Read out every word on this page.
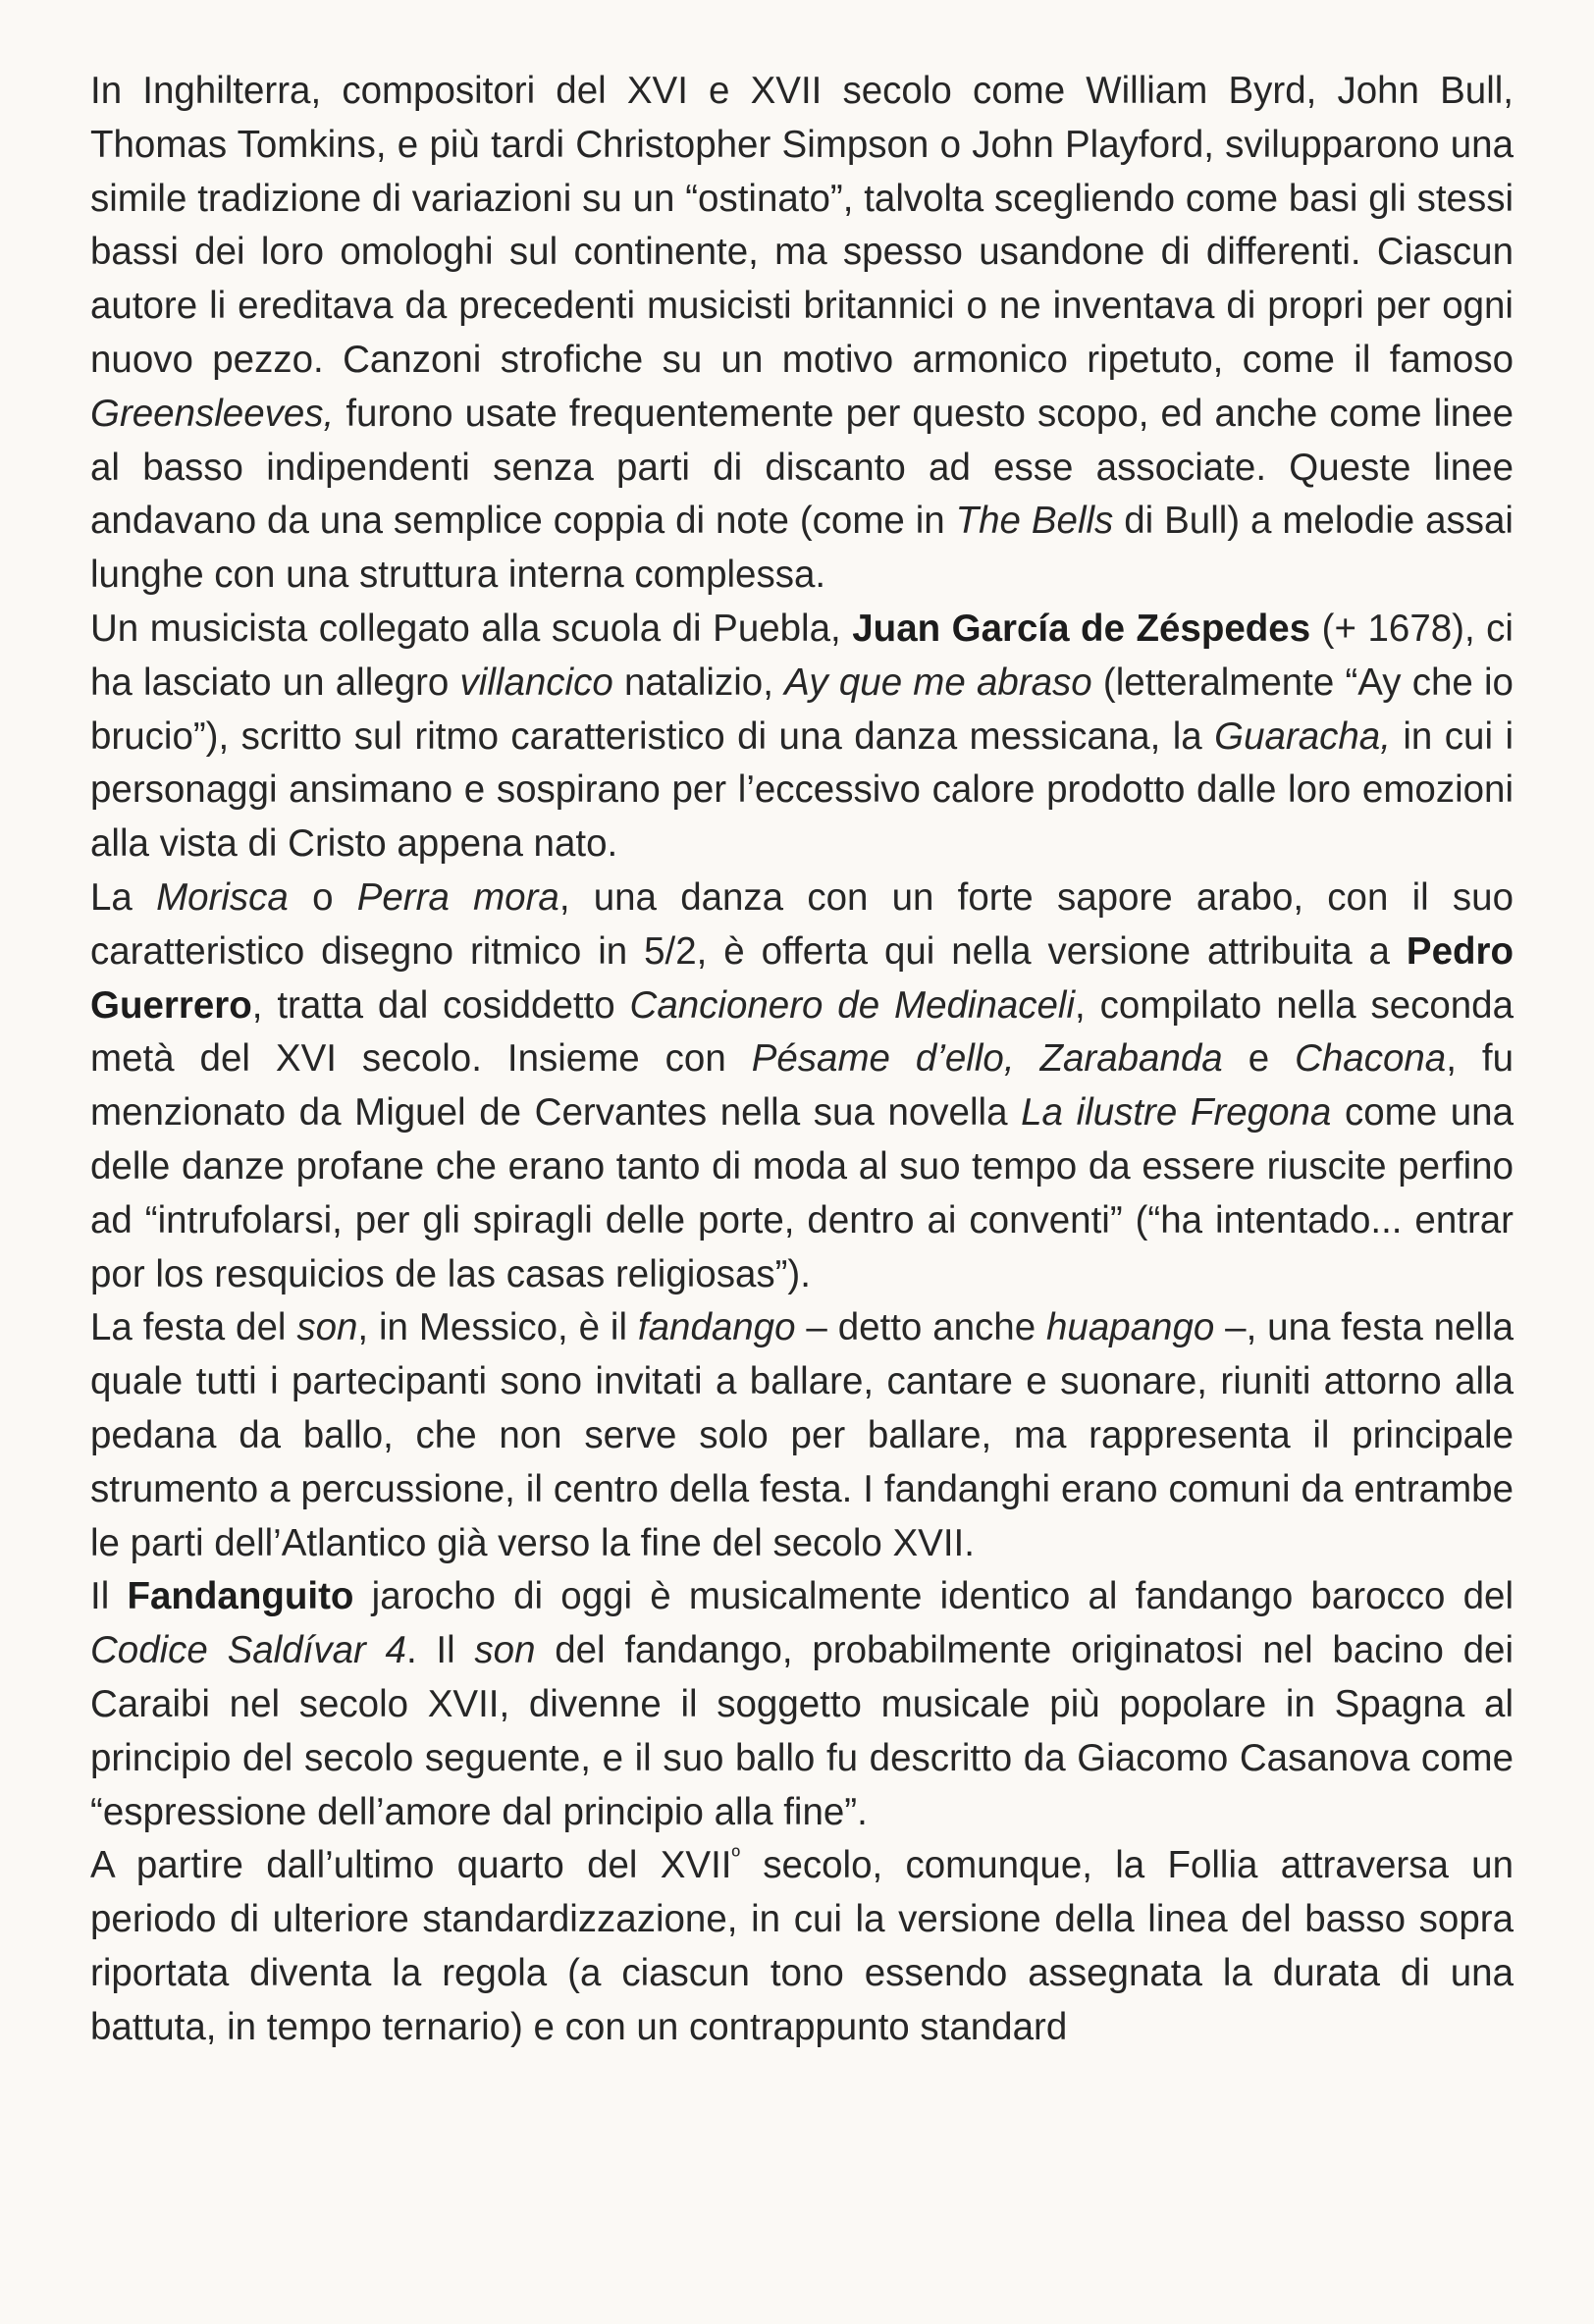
In Inghilterra, compositori del XVI e XVII secolo come William Byrd, John Bull, Thomas Tomkins, e più tardi Christopher Simpson o John Playford, svilupparono una simile tradizione di variazioni su un “ostinato”, talvolta scegliendo come basi gli stessi bassi dei loro omologhi sul continente, ma spesso usandone di differenti. Ciascun autore li ereditava da precedenti musicisti britannici o ne inventava di propri per ogni nuovo pezzo. Canzoni strofiche su un motivo armonico ripetuto, come il famoso Greensleeves, furono usate frequentemente per questo scopo, ed anche come linee al basso indipendenti senza parti di discanto ad esse associate. Queste linee andavano da una semplice coppia di note (come in The Bells di Bull) a melodie assai lunghe con una struttura interna complessa.

Un musicista collegato alla scuola di Puebla, Juan García de Zéspedes (+ 1678), ci ha lasciato un allegro villancico natalizio, Ay que me abraso (letteralmente “Ay che io brucio”), scritto sul ritmo caratteristico di una danza messicana, la Guaracha, in cui i personaggi ansimano e sospirano per l’eccessivo calore prodotto dalle loro emozioni alla vista di Cristo appena nato.

La Morisca o Perra mora, una danza con un forte sapore arabo, con il suo caratteristico disegno ritmico in 5/2, è offerta qui nella versione attribuita a Pedro Guerrero, tratta dal cosiddetto Cancionero de Medinaceli, compilato nella seconda metà del XVI secolo. Insieme con Pésame d’ello, Zarabanda e Chacona, fu menzionato da Miguel de Cervantes nella sua novella La ilustre Fregona come una delle danze profane che erano tanto di moda al suo tempo da essere riuscite perfino ad “intrufolarsi, per gli spiragli delle porte, dentro ai conventi” (“ha intentado... entrar por los resquicios de las casas religiosas”).

La festa del son, in Messico, è il fandango – detto anche huapango –, una festa nella quale tutti i partecipanti sono invitati a ballare, cantare e suonare, riuniti attorno alla pedana da ballo, che non serve solo per ballare, ma rappresenta il principale strumento a percussione, il centro della festa. I fandanghi erano comuni da entrambe le parti dell’Atlantico già verso la fine del secolo XVII.

Il Fandanguito jarocho di oggi è musicalmente identico al fandango barocco del Codice Saldívar 4. Il son del fandango, probabilmente originatosi nel bacino dei Caraibi nel secolo XVII, divenne il soggetto musicale più popolare in Spagna al principio del secolo seguente, e il suo ballo fu descritto da Giacomo Casanova come “espressione dell’amore dal principio alla fine”.

A partire dall’ultimo quarto del $XVII^º$ secolo, comunque, la Follia attraversa un periodo di ulteriore standardizzazione, in cui la versione della linea del basso sopra riportata diventa la regola (a ciascun tono essendo assegnata la durata di una battuta, in tempo ternario) e con un contrappunto standard
